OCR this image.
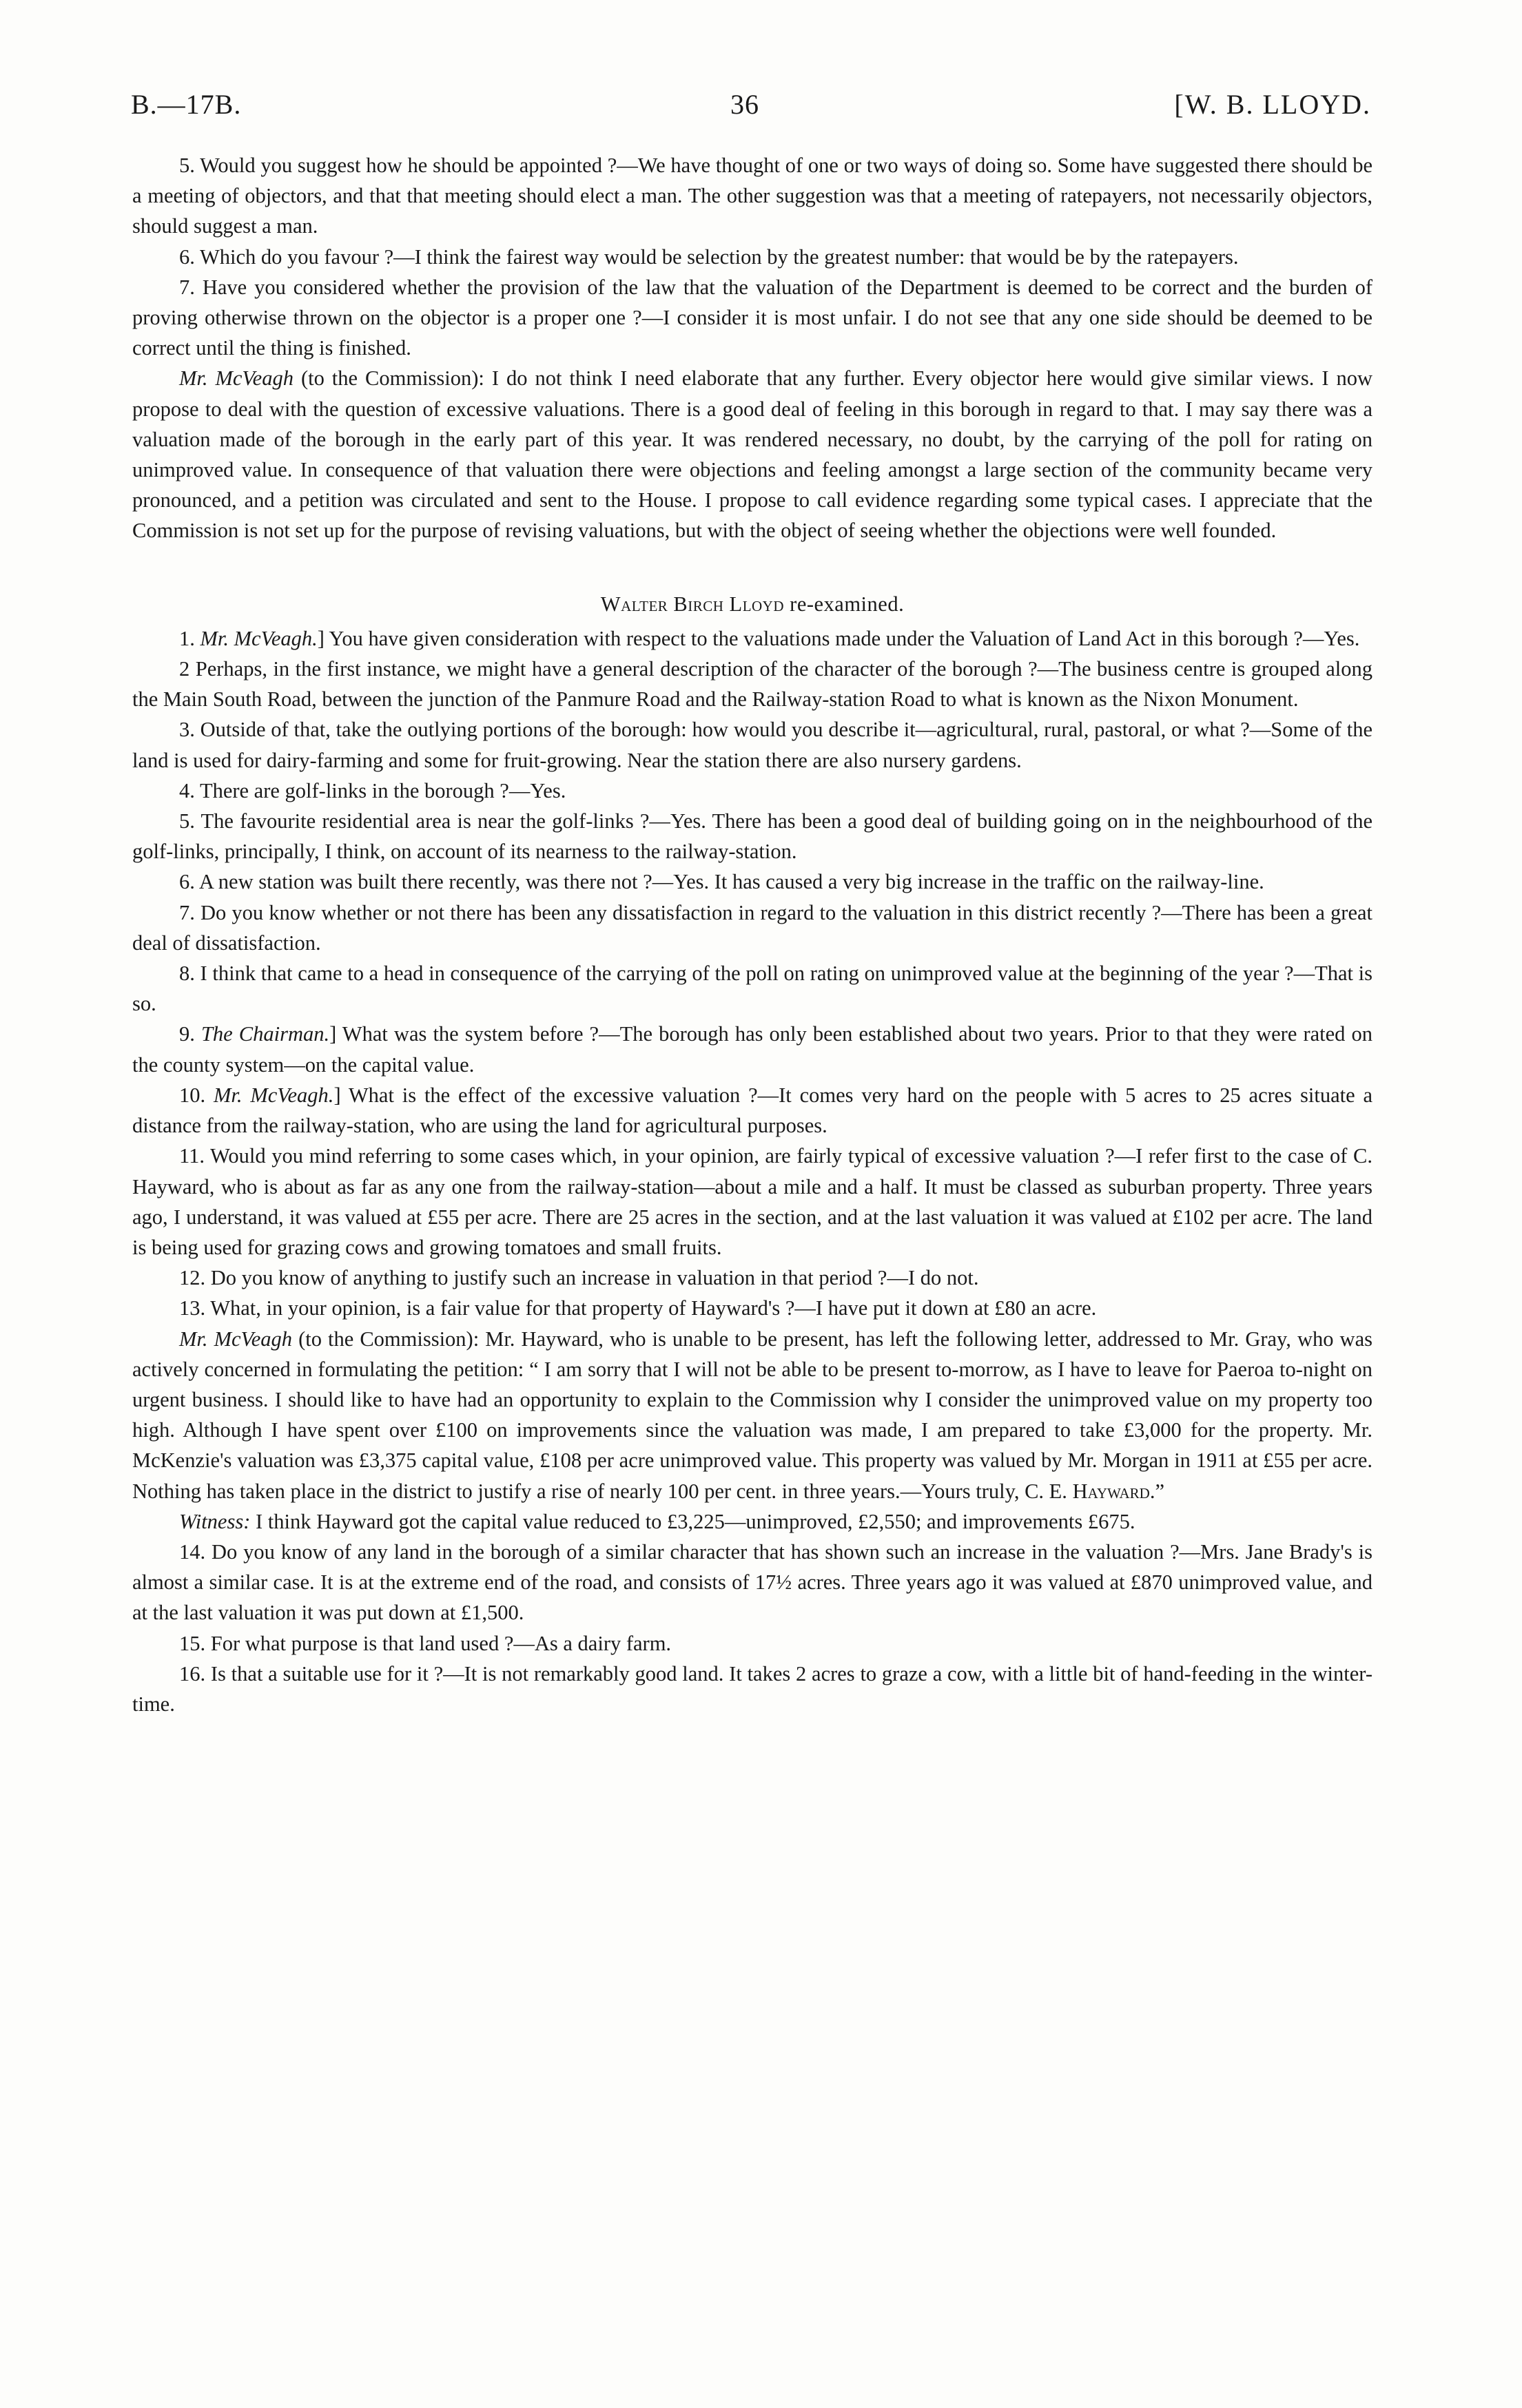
B.—17B.	36	[W. B. LLOYD.

5. Would you suggest how he should be appointed ?—We have thought of one or two ways of doing so. Some have suggested there should be a meeting of objectors, and that that meeting should elect a man. The other suggestion was that a meeting of ratepayers, not necessarily objectors, should suggest a man.

6. Which do you favour ?—I think the fairest way would be selection by the greatest number: that would be by the ratepayers.

7. Have you considered whether the provision of the law that the valuation of the Department is deemed to be correct and the burden of proving otherwise thrown on the objector is a proper one ?—I consider it is most unfair. I do not see that any one side should be deemed to be correct until the thing is finished.

Mr. McVeagh (to the Commission): I do not think I need elaborate that any further. Every objector here would give similar views. I now propose to deal with the question of excessive valuations. There is a good deal of feeling in this borough in regard to that. I may say there was a valuation made of the borough in the early part of this year. It was rendered necessary, no doubt, by the carrying of the poll for rating on unimproved value. In consequence of that valuation there were objections and feeling amongst a large section of the community became very pronounced, and a petition was circulated and sent to the House. I propose to call evidence regarding some typical cases. I appreciate that the Commission is not set up for the purpose of revising valuations, but with the object of seeing whether the objections were well founded.

Walter Birch Lloyd re-examined.

1. Mr. McVeagh.] You have given consideration with respect to the valuations made under the Valuation of Land Act in this borough ?—Yes.

2 Perhaps, in the first instance, we might have a general description of the character of the borough ?—The business centre is grouped along the Main South Road, between the junction of the Panmure Road and the Railway-station Road to what is known as the Nixon Monument.

3. Outside of that, take the outlying portions of the borough: how would you describe it—agricultural, rural, pastoral, or what ?—Some of the land is used for dairy-farming and some for fruit-growing. Near the station there are also nursery gardens.

4. There are golf-links in the borough ?—Yes.

5. The favourite residential area is near the golf-links ?—Yes. There has been a good deal of building going on in the neighbourhood of the golf-links, principally, I think, on account of its nearness to the railway-station.

6. A new station was built there recently, was there not ?—Yes. It has caused a very big increase in the traffic on the railway-line.

7. Do you know whether or not there has been any dissatisfaction in regard to the valuation in this district recently ?—There has been a great deal of dissatisfaction.

8. I think that came to a head in consequence of the carrying of the poll on rating on unimproved value at the beginning of the year ?—That is so.

9. The Chairman.] What was the system before ?—The borough has only been established about two years. Prior to that they were rated on the county system—on the capital value.

10. Mr. McVeagh.] What is the effect of the excessive valuation ?—It comes very hard on the people with 5 acres to 25 acres situate a distance from the railway-station, who are using the land for agricultural purposes.

11. Would you mind referring to some cases which, in your opinion, are fairly typical of excessive valuation ?—I refer first to the case of C. Hayward, who is about as far as any one from the railway-station—about a mile and a half. It must be classed as suburban property. Three years ago, I understand, it was valued at £55 per acre. There are 25 acres in the section, and at the last valuation it was valued at £102 per acre. The land is being used for grazing cows and growing tomatoes and small fruits.

12. Do you know of anything to justify such an increase in valuation in that period ?—I do not.

13. What, in your opinion, is a fair value for that property of Hayward's ?—I have put it down at £80 an acre.

Mr. McVeagh (to the Commission): Mr. Hayward, who is unable to be present, has left the following letter, addressed to Mr. Gray, who was actively concerned in formulating the petition: “ I am sorry that I will not be able to be present to-morrow, as I have to leave for Paeroa to-night on urgent business. I should like to have had an opportunity to explain to the Commission why I consider the unimproved value on my property too high. Although I have spent over £100 on improvements since the valuation was made, I am prepared to take £3,000 for the property. Mr. McKenzie's valuation was £3,375 capital value, £108 per acre unimproved value. This property was valued by Mr. Morgan in 1911 at £55 per acre. Nothing has taken place in the district to justify a rise of nearly 100 per cent. in three years.—Yours truly, C. E. Hayward.”

Witness: I think Hayward got the capital value reduced to £3,225—unimproved, £2,550; and improvements £675.

14. Do you know of any land in the borough of a similar character that has shown such an increase in the valuation ?—Mrs. Jane Brady's is almost a similar case. It is at the extreme end of the road, and consists of 17½ acres. Three years ago it was valued at £870 unimproved value, and at the last valuation it was put down at £1,500.

15. For what purpose is that land used ?—As a dairy farm.

16. Is that a suitable use for it ?—It is not remarkably good land. It takes 2 acres to graze a cow, with a little bit of hand-feeding in the winter-time.
